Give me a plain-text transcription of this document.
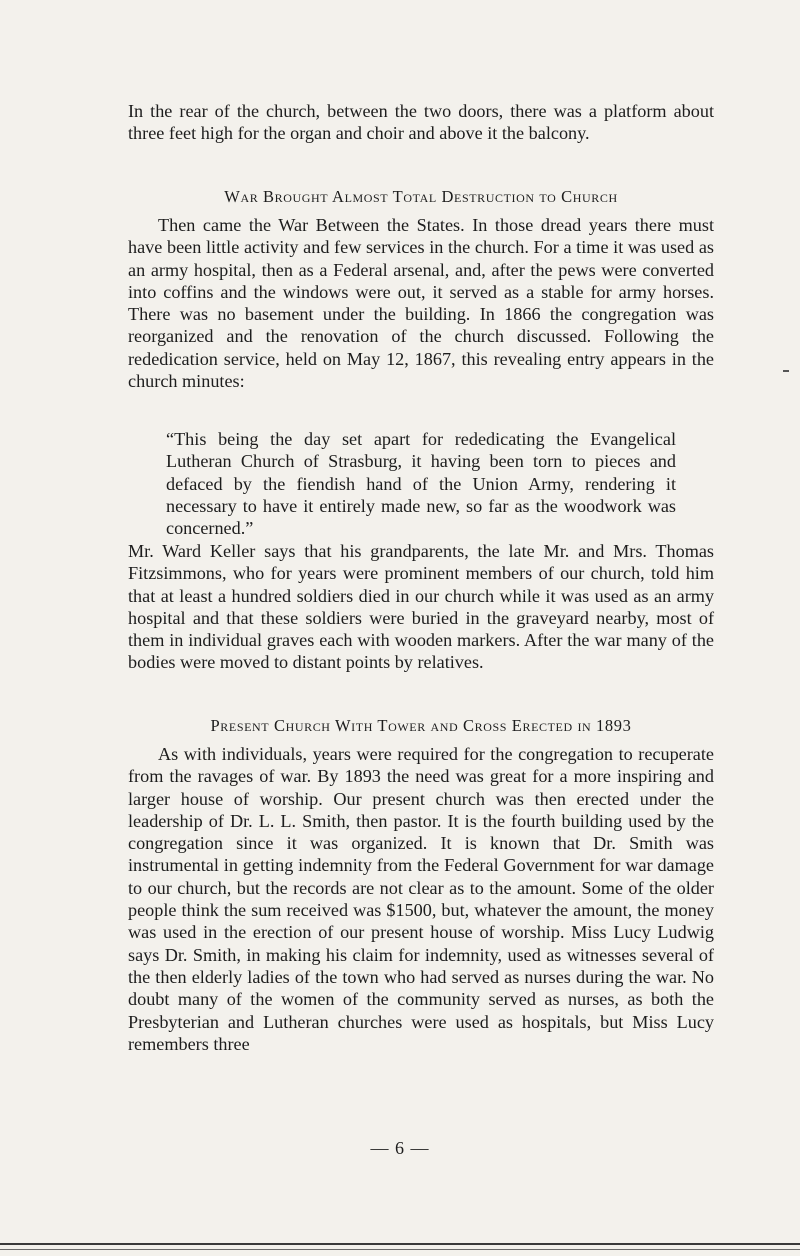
In the rear of the church, between the two doors, there was a platform about three feet high for the organ and choir and above it the balcony.

War Brought Almost Total Destruction to Church

Then came the War Between the States. In those dread years there must have been little activity and few services in the church. For a time it was used as an army hospital, then as a Federal arsenal, and, after the pews were converted into coffins and the windows were out, it served as a stable for army horses. There was no basement under the building. In 1866 the congregation was reorganized and the renovation of the church discussed. Following the rededication service, held on May 12, 1867, this revealing entry appears in the church minutes:

“This being the day set apart for rededicating the Evangelical Lutheran Church of Strasburg, it having been torn to pieces and defaced by the fiendish hand of the Union Army, rendering it necessary to have it entirely made new, so far as the woodwork was concerned.”

Mr. Ward Keller says that his grandparents, the late Mr. and Mrs. Thomas Fitzsimmons, who for years were prominent members of our church, told him that at least a hundred soldiers died in our church while it was used as an army hospital and that these soldiers were buried in the graveyard nearby, most of them in individual graves each with wooden markers. After the war many of the bodies were moved to distant points by relatives.

Present Church With Tower and Cross Erected in 1893

As with individuals, years were required for the congregation to recuperate from the ravages of war. By 1893 the need was great for a more inspiring and larger house of worship. Our present church was then erected under the leadership of Dr. L. L. Smith, then pastor. It is the fourth building used by the congregation since it was organized. It is known that Dr. Smith was instrumental in getting indemnity from the Federal Government for war damage to our church, but the records are not clear as to the amount. Some of the older people think the sum received was $1500, but, whatever the amount, the money was used in the erection of our present house of worship. Miss Lucy Ludwig says Dr. Smith, in making his claim for indemnity, used as witnesses several of the then elderly ladies of the town who had served as nurses during the war. No doubt many of the women of the community served as nurses, as both the Presbyterian and Lutheran churches were used as hospitals, but Miss Lucy remembers three

— 6 —
